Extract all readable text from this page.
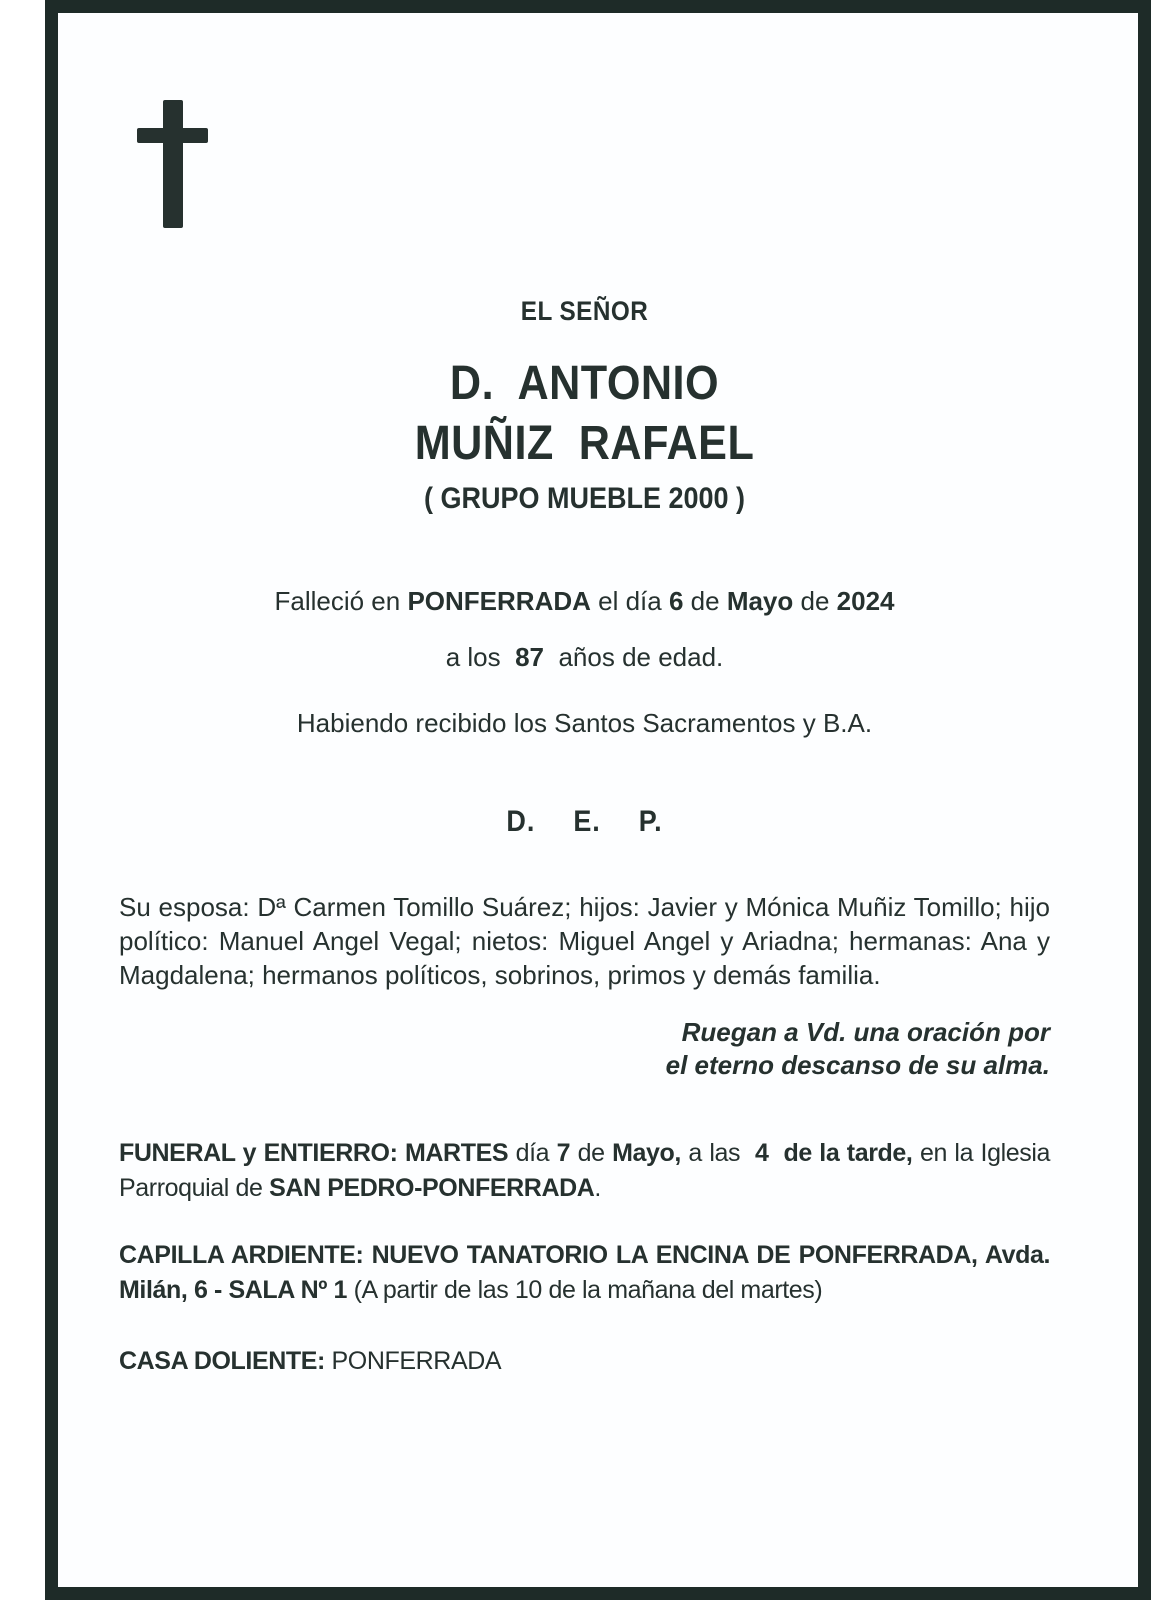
EL SEÑOR
D. ANTONIO
MUÑIZ RAFAEL
( GRUPO MUEBLE 2000 )
Falleció en PONFERRADA el día 6 de Mayo de 2024
a los  87  años de edad.
Habiendo recibido los Santos Sacramentos y B.A.
D. E. P.

Su esposa: Dª Carmen Tomillo Suárez; hijos: Javier y Mónica Muñiz Tomillo; hijo político: Manuel Angel Vegal; nietos: Miguel Angel y Ariadna; hermanas: Ana y Magdalena; hermanos políticos, sobrinos, primos y demás familia.

Ruegan a Vd. una oración por
el eterno descanso de su alma.

FUNERAL y ENTIERRO: MARTES día 7 de Mayo, a las  4  de la tarde, en la Iglesia Parroquial de SAN PEDRO-PONFERRADA.

CAPILLA ARDIENTE: NUEVO TANATORIO LA ENCINA DE PONFERRADA, Avda. Milán, 6 - SALA Nº 1 (A partir de las 10 de la mañana del martes)

CASA DOLIENTE: PONFERRADA
